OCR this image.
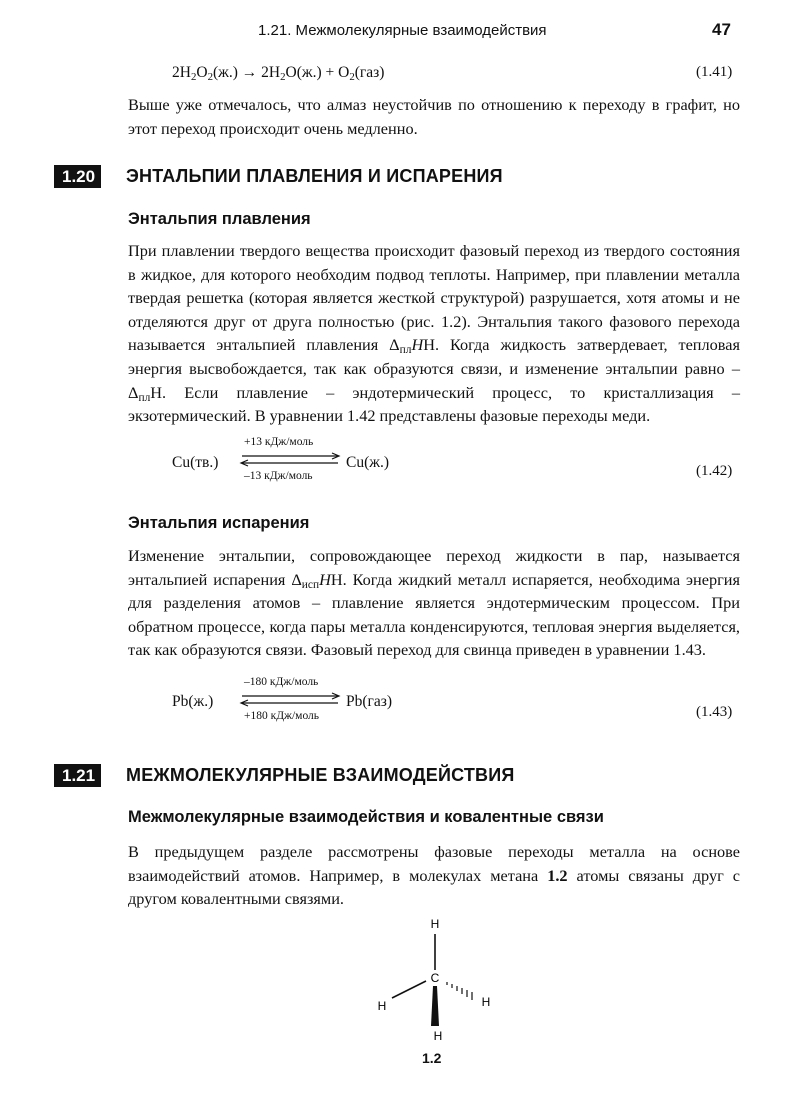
1.21. Межмолекулярные взаимодействия	47
$2H_2O_2(ж.) \to 2H_2O(ж.) + O_2(газ)$	(1.41)

Выше уже отмечалось, что алмаз неустойчив по отношению к переходу в графит, но этот переход происходит очень медленно.

1.20	ЭНТАЛЬПИИ ПЛАВЛЕНИЯ И ИСПАРЕНИЯ
Энтальпия плавления

При плавлении твердого вещества происходит фазовый переход из твердого состояния в жидкое, для которого необходим подвод теплоты. Например, при плавлении металла твердая решетка (которая является жесткой структурой) разрушается, хотя атомы и не отделяются друг от друга полностью (рис. 1.2). Энтальпия такого фазового перехода называется энтальпией плавления $\Delta_{пл}HH$. Когда жидкость затвердевает, тепловая энергия высвобождается, так как образуются связи, и изменение энтальпии равно $-\Delta_{пл}H$. Если плавление – эндотермический процесс, то кристаллизация – экзотермический. В уравнении 1.42 представлены фазовые переходы меди.

Cu(тв.)
+13 кДж/моль
–13 кДж/моль
Cu(ж.)	(1.42)
Энтальпия испарения

Изменение энтальпии, сопровождающее переход жидкости в пар, называется энтальпией испарения $\Delta_{исп}HH$. Когда жидкий металл испаряется, необходима энергия для разделения атомов – плавление является эндотермическим процессом. При обратном процессе, когда пары металла конденсируются, тепловая энергия выделяется, так как образуются связи. Фазовый переход для свинца приведен в уравнении 1.43.

Pb(ж.)
–180 кДж/моль
+180 кДж/моль
Pb(газ)
(1.43)
1.21	МЕЖМОЛЕКУЛЯРНЫЕ ВЗАИМОДЕЙСТВИЯ
Межмолекулярные взаимодействия и ковалентные связи

В предыдущем разделе рассмотрены фазовые переходы металла на основе взаимодействий атомов. Например, в молекулах метана 1.2 атомы связаны друг с другом ковалентными связями.

H
C
H	H
H
1.2
